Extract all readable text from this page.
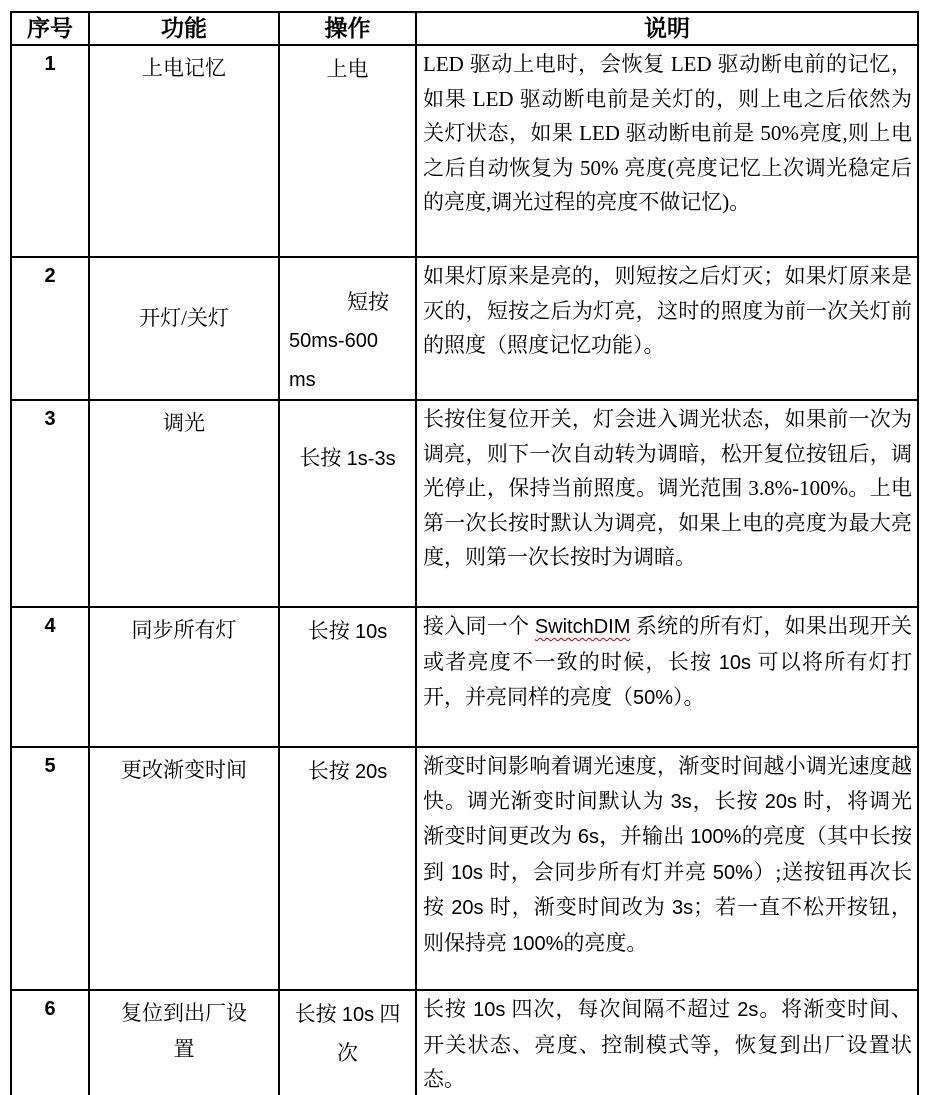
序号	功能	操作	说明
1	上电记忆	上电	LED 驱动上电时，会恢复 LED 驱动断电前的记忆，如果 LED 驱动断电前是关灯的，则上电之后依然为关灯状态，如果 LED 驱动断电前是 50%亮度,则上电之后自动恢复为 50% 亮度(亮度记忆上次调光稳定后的亮度,调光过程的亮度不做记忆)。
2	开灯/关灯	短按 50ms-600 ms	如果灯原来是亮的，则短按之后灯灭；如果灯原来是灭的，短按之后为灯亮，这时的照度为前一次关灯前的照度（照度记忆功能）。
3	调光	长按 1s-3s	长按住复位开关，灯会进入调光状态，如果前一次为调亮，则下一次自动转为调暗，松开复位按钮后，调光停止，保持当前照度。调光范围 3.8%-100%。上电第一次长按时默认为调亮，如果上电的亮度为最大亮度，则第一次长按时为调暗。
4	同步所有灯	长按 10s	接入同一个 SwitchDIM 系统的所有灯，如果出现开关或者亮度不一致的时候，长按 10s 可以将所有灯打开，并亮同样的亮度（50%）。
5	更改渐变时间	长按 20s	渐变时间影响着调光速度，渐变时间越小调光速度越快。调光渐变时间默认为 3s，长按 20s 时，将调光渐变时间更改为 6s，并输出 100%的亮度（其中长按到 10s 时，会同步所有灯并亮 50%）;送按钮再次长按 20s 时，渐变时间改为 3s；若一直不松开按钮，则保持亮 100%的亮度。
6	复位到出厂设置	长按 10s 四次	长按 10s 四次，每次间隔不超过 2s。将渐变时间、开关状态、亮度、控制模式等，恢复到出厂设置状态。
